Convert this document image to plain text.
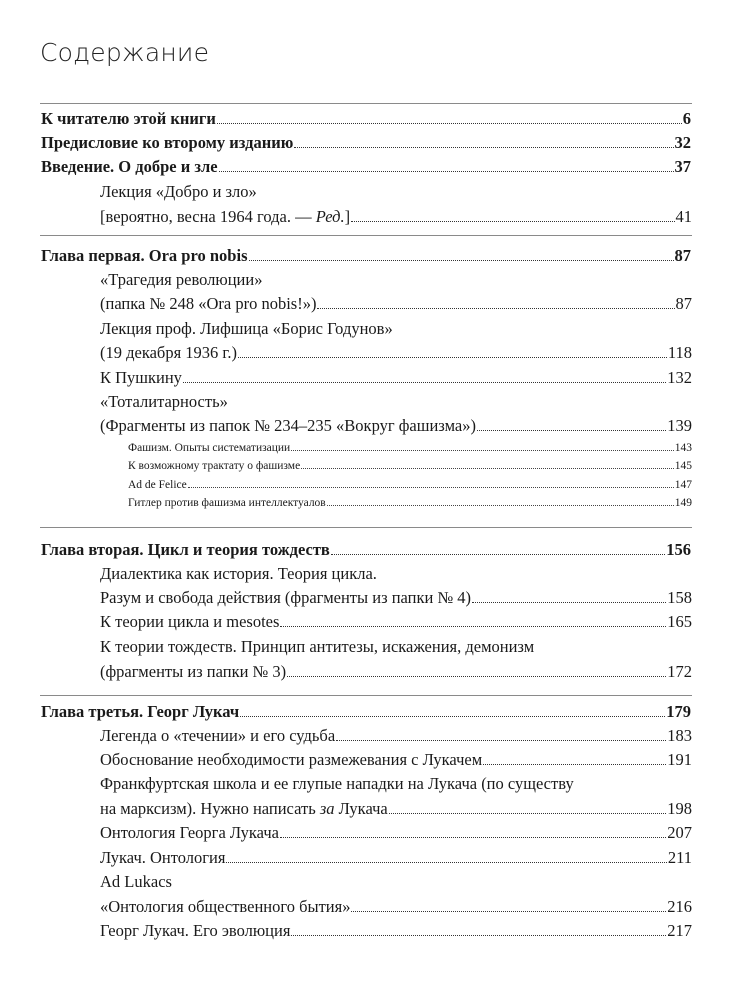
Содержание
К читателю этой книги	6
Предисловие ко второму изданию	32
Введение. О добре и зле	37
Лекция «Добро и зло»
[вероятно, весна 1964 года. — Ред.]	41
Глава первая. Ora pro nobis	87
«Трагедия революции»
(папка № 248 «Ora pro nobis!»)	87
Лекция проф. Лифшица «Борис Годунов»
(19 декабря 1936 г.)	118
К Пушкину	132
«Тоталитарность»
(Фрагменты из папок № 234–235 «Вокруг фашизма»)	139
Фашизм. Опыты систематизации	143
К возможному трактату о фашизме	145
Ad de Felice	147
Гитлер против фашизма интеллектуалов	149
Глава вторая. Цикл и теория тождеств	156
Диалектика как история. Теория цикла.
Разум и свобода действия (фрагменты из папки № 4)	158
К теории цикла и mesotes	165
К теории тождеств. Принцип антитезы, искажения, демонизм
(фрагменты из папки № 3)	172
Глава третья. Георг Лукач	179
Легенда о «течении» и его судьба	183
Обоснование необходимости размежевания с Лукачем	191
Франкфуртская школа и ее глупые нападки на Лукача (по существу
на марксизм). Нужно написать за Лукача	198
Онтология Георга Лукача	207
Лукач. Онтология	211
Ad Lukacs
«Онтология общественного бытия»	216
Георг Лукач. Его эволюция	217
